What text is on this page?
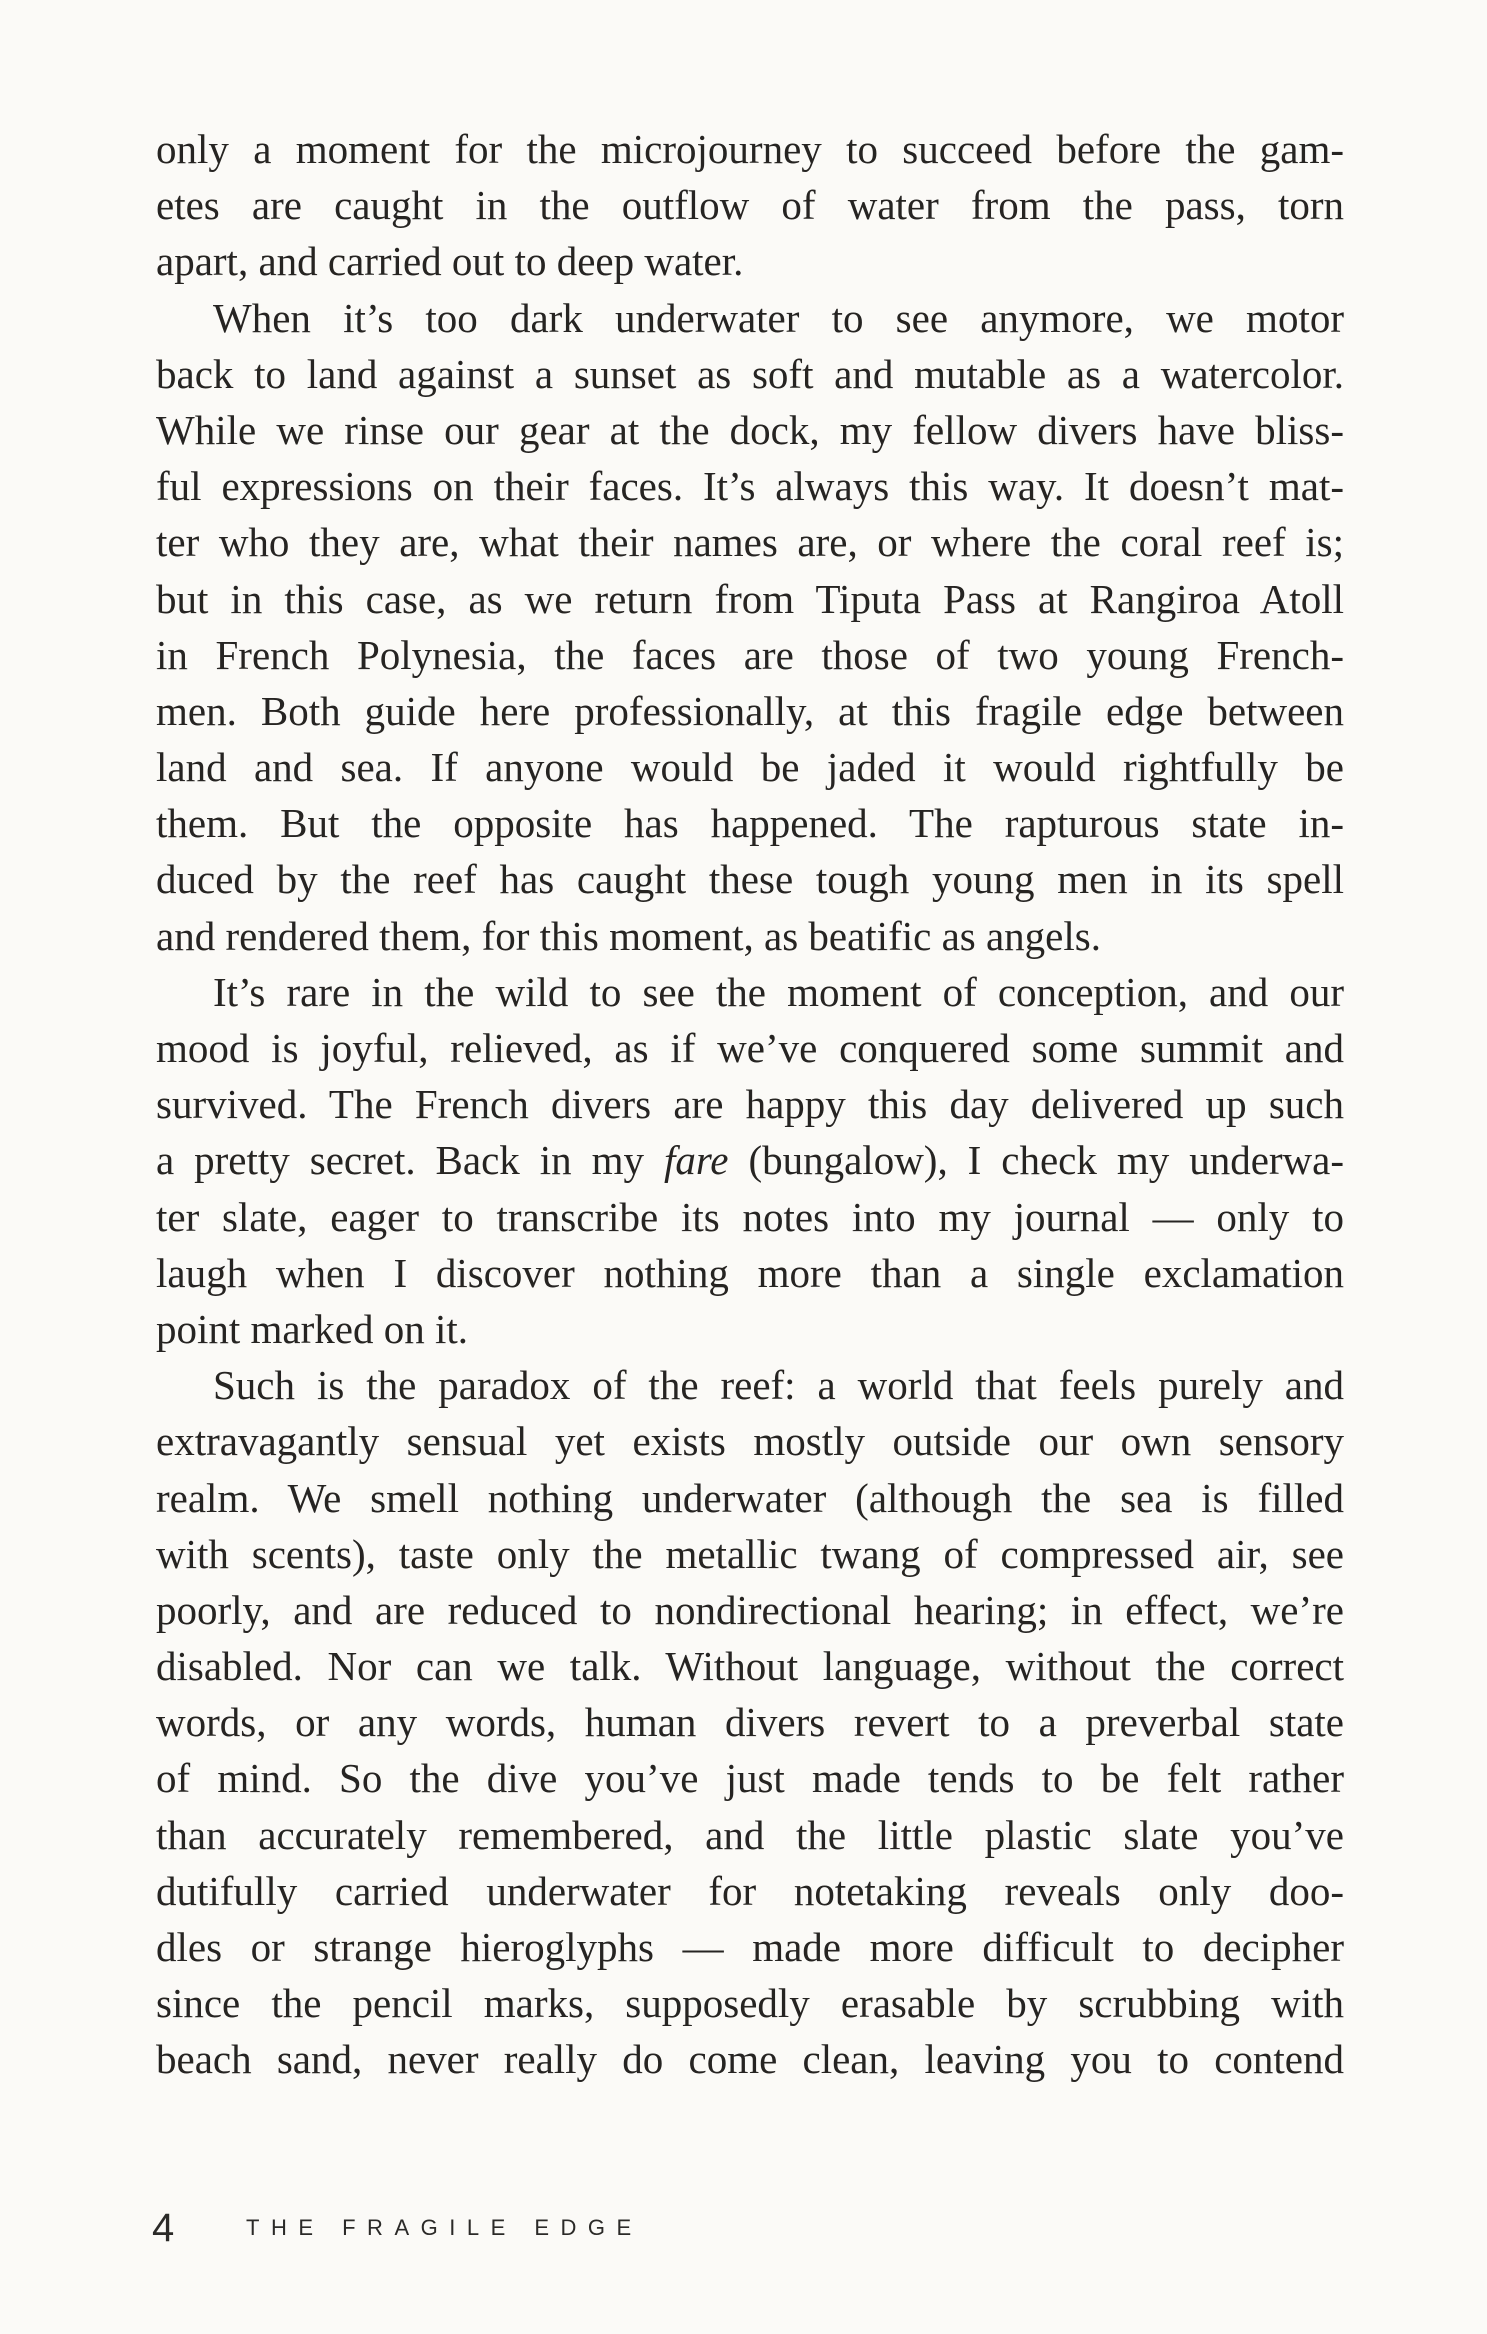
only a moment for the microjourney to succeed before the gam-
etes are caught in the outflow of water from the pass, torn
apart, and carried out to deep water.
When it’s too dark underwater to see anymore, we motor
back to land against a sunset as soft and mutable as a watercolor.
While we rinse our gear at the dock, my fellow divers have bliss-
ful expressions on their faces. It’s always this way. It doesn’t mat-
ter who they are, what their names are, or where the coral reef is;
but in this case, as we return from Tiputa Pass at Rangiroa Atoll
in French Polynesia, the faces are those of two young French-
men. Both guide here professionally, at this fragile edge between
land and sea. If anyone would be jaded it would rightfully be
them. But the opposite has happened. The rapturous state in-
duced by the reef has caught these tough young men in its spell
and rendered them, for this moment, as beatific as angels.
It’s rare in the wild to see the moment of conception, and our
mood is joyful, relieved, as if we’ve conquered some summit and
survived. The French divers are happy this day delivered up such
a pretty secret. Back in my fare (bungalow), I check my underwa-
ter slate, eager to transcribe its notes into my journal — only to
laugh when I discover nothing more than a single exclamation
point marked on it.
Such is the paradox of the reef: a world that feels purely and
extravagantly sensual yet exists mostly outside our own sensory
realm. We smell nothing underwater (although the sea is filled
with scents), taste only the metallic twang of compressed air, see
poorly, and are reduced to nondirectional hearing; in effect, we’re
disabled. Nor can we talk. Without language, without the correct
words, or any words, human divers revert to a preverbal state
of mind. So the dive you’ve just made tends to be felt rather
than accurately remembered, and the little plastic slate you’ve
dutifully carried underwater for notetaking reveals only doo-
dles or strange hieroglyphs — made more difficult to decipher
since the pencil marks, supposedly erasable by scrubbing with
beach sand, never really do come clean, leaving you to contend
4	THE FRAGILE EDGE
